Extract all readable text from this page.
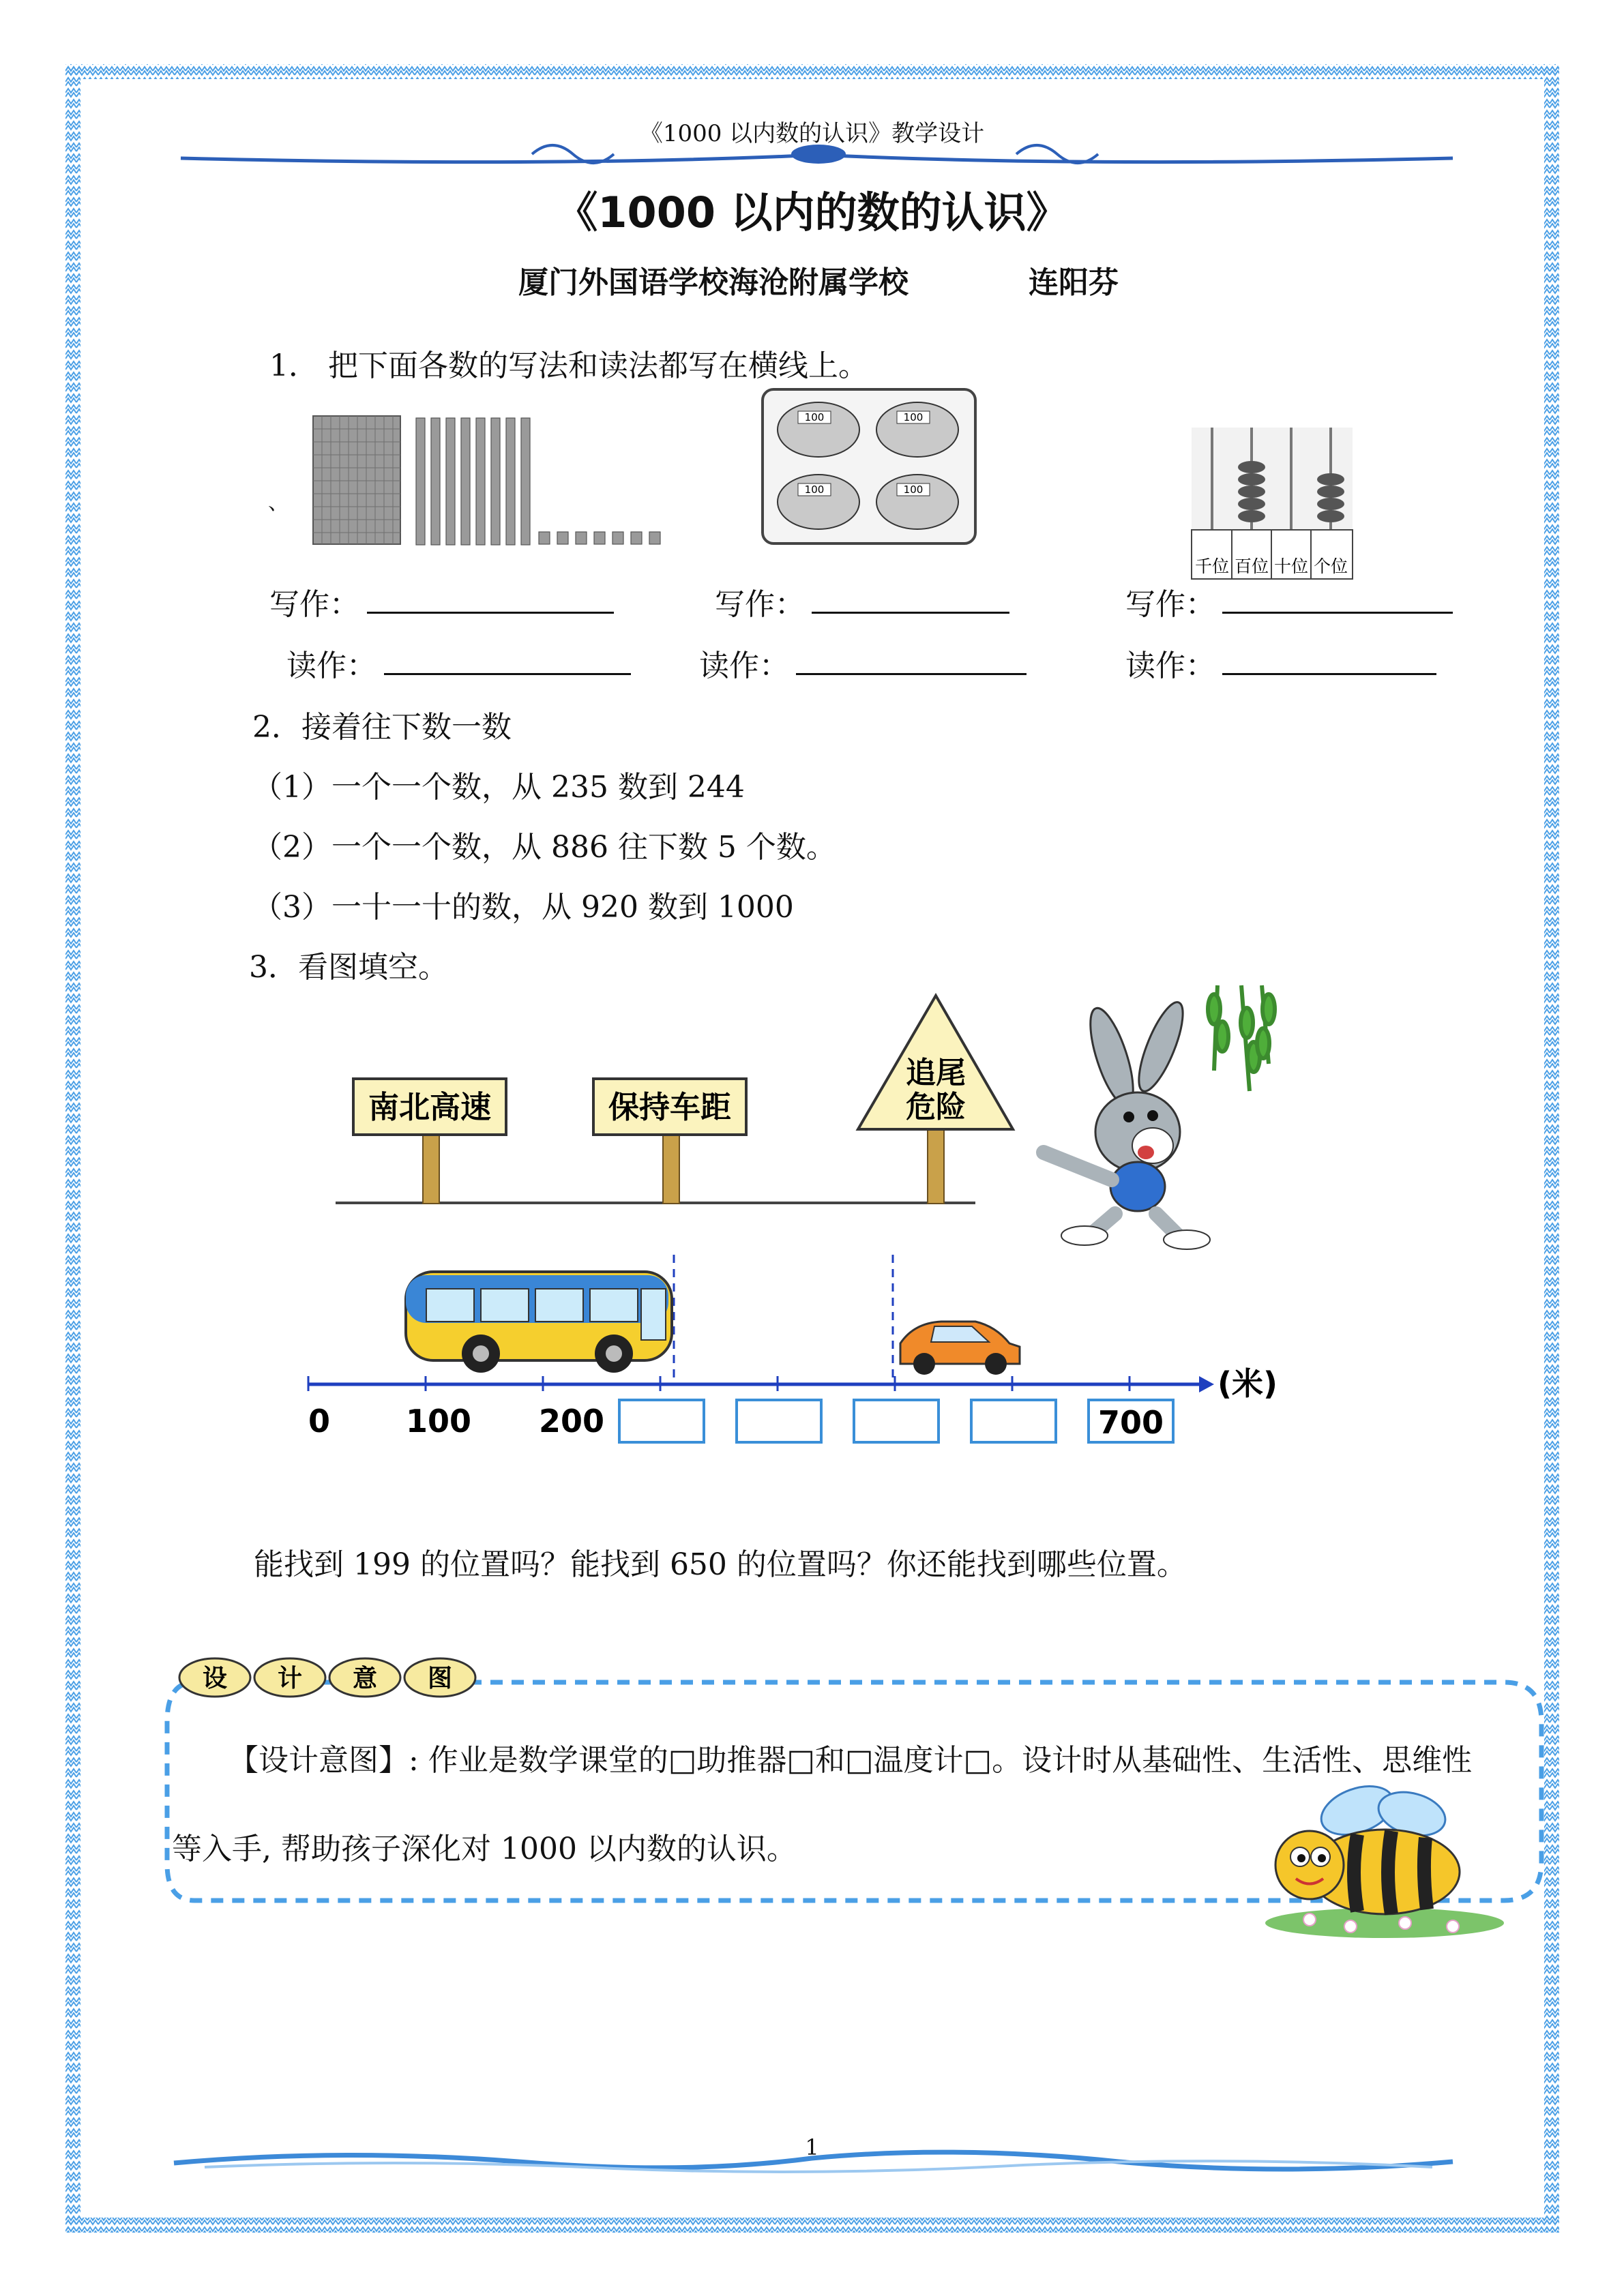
《1000 以内数的认识》教学设计
《1000 以内的数的认识》
厦门外国语学校海沧附属学校	连阳芬
1． 把下面各数的写法和读法都写在横线上。
、
100	100
100	100
千位 百位 十位 个位
写作：	写作：	写作：
读作：	读作：	读作：
2．接着往下数一数
（1）一个一个数，从 235 数到 244
（2）一个一个数，从 886 往下数 5 个数。
（3）一十一十的数，从 920 数到 1000
3．看图填空。
南北高速	保持车距
追尾
危险
(米)
0 100 200	700
能找到 199 的位置吗？能找到 650 的位置吗？你还能找到哪些位置。
设 计 意 图
【设计意图】: 作业是数学课堂的□助推器□和□温度计□。设计时从基础性、生活性、思维性
等入手, 帮助孩子深化对 1000 以内数的认识。
1
